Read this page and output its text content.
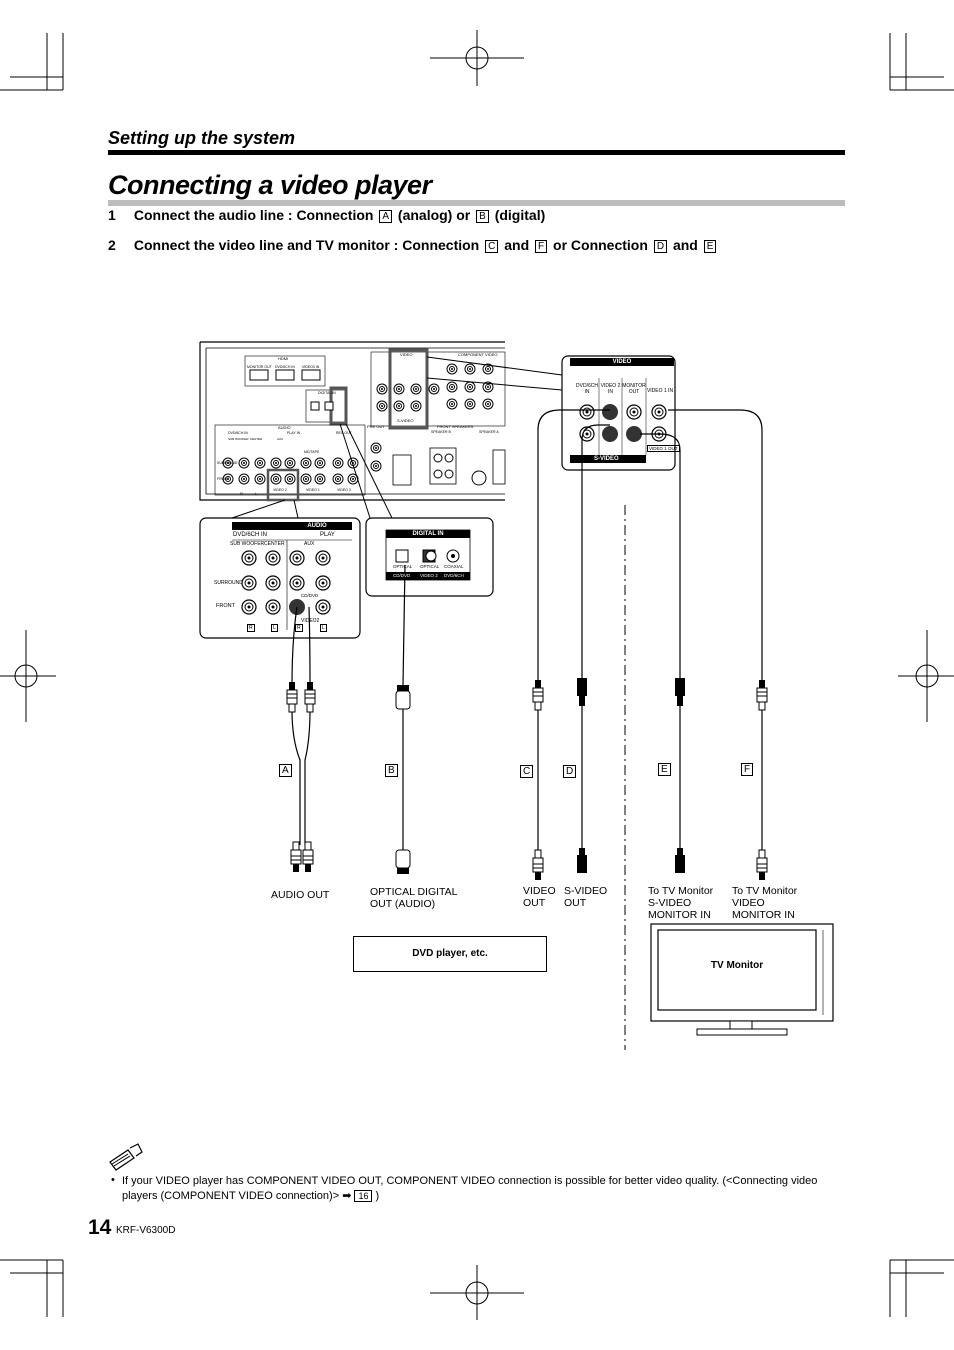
Setting up the system
Connecting a video player
1 Connect the audio line : Connection A (analog) or B (digital)
2 Connect the video line and TV monitor : Connection C and F or Connection D and E
HDMI
MONITOR OUT DVD/6CH IN VIDEO3 IN
COMPONENT VIDEO
VIDEO
S-VIDEO
DIGITAL IN
AUDIO
DVD/6CH IN	PLAY IN	REC OUT
PRE OUT	FRONT SPEAKERS
SPEAKER B	SPEAKER A
SURROUND
FRONT
SUB WOOFER CENTER	AUX
VIDEO 2	VIDEO 1	VIDEO 3
MD/TAPE
R	L
VIDEO
DVD/6CH IN
VIDEO 2 IN
MONITOR OUT	VIDEO 1 IN
S-VIDEO
VIDEO 1 OUT
AUDIO
DVD/6CH IN	PLAY
SUB WOOFER CENTER	AUX
SURROUND
FRONT
CD/DVD
VIDEO2
R	L	R	L
DIGITAL IN
OPTICAL OPTICAL COAXIAL
CD/DVD VIDEO 2 DVD/6CH
A	B	C	D	E	F
AUDIO OUT	OPTICAL DIGITAL
OUT (AUDIO)
VIDEO
OUT
S-VIDEO
OUT
To TV Monitor
S-VIDEO
MONITOR IN
To TV Monitor
VIDEO
MONITOR IN
DVD player, etc.
TV Monitor
• If your VIDEO player has COMPONENT VIDEO OUT, COMPONENT VIDEO connection is possible for better video quality. (<Connecting video players (COMPONENT VIDEO connection)> ➡ 16 )
14 KRF-V6300D
